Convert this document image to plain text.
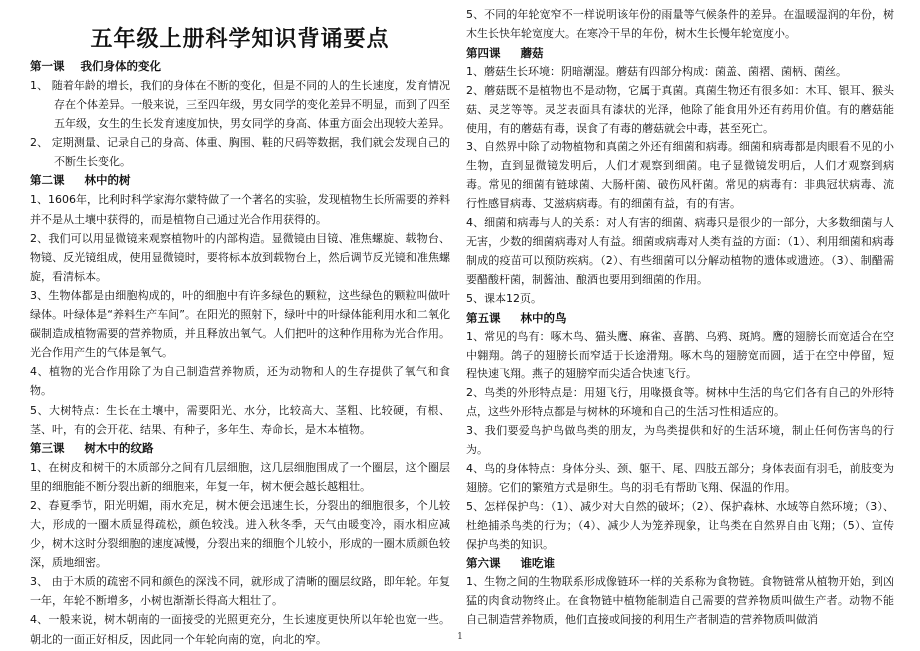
五年级上册科学知识背诵要点
第一课    我们身体的变化

1、 随着年龄的增长，我们的身体在不断的变化，但是不同的人的生长速度，发育情况存在个体差异。一般来说，三至四年级，男女同学的变化差异不明显，而到了四至五年级，女生的生长发育速度加快，男女同学的身高、体重方面会出现较大差异。

2、 定期测量、记录自己的身高、体重、胸围、鞋的尺码等数据，我们就会发现自己的不断生长变化。

第二课     林中的树

1、1606年，比利时科学家海尔蒙特做了一个著名的实验，发现植物生长所需要的养料并不是从土壤中获得的，而是植物自己通过光合作用获得的。

2、我们可以用显微镜来观察植物叶的内部构造。显微镜由目镜、准焦螺旋、载物台、物镜、反光镜组成，使用显微镜时，要将标本放到载物台上，然后调节反光镜和准焦螺旋，看清标本。

3、生物体都是由细胞构成的，叶的细胞中有许多绿色的颗粒，这些绿色的颗粒叫做叶绿体。叶绿体是“养料生产车间”。在阳光的照射下，绿叶中的叶绿体能利用水和二氧化碳制造成植物需要的营养物质，并且释放出氧气。人们把叶的这种作用称为光合作用。光合作用产生的气体是氧气。

4、植物的光合作用除了为自己制造营养物质，还为动物和人的生存提供了氧气和食物。

5、大树特点：生长在土壤中，需要阳光、水分，比较高大、茎粗、比较硬，有根、茎、叶，有的会开花、结果、有种子，多年生、寿命长，是木本植物。

第三课     树木中的纹路

1、在树皮和树干的木质部分之间有几层细胞，这几层细胞围成了一个圈层，这个圈层里的细胞能不断分裂出新的细胞来，年复一年，树木便会越长越粗壮。

2、春夏季节，阳光明媚，雨水充足，树木便会迅速生长，分裂出的细胞很多，个儿较大，形成的一圈木质显得疏松，颜色较浅。进入秋冬季，天气由暖变冷，雨水相应减少，树木这时分裂细胞的速度减慢，分裂出来的细胞个儿较小，形成的一圈木质颜色较深，质地细密。

3、 由于木质的疏密不同和颜色的深浅不同，就形成了清晰的圈层纹路，即年轮。年复一年，年轮不断增多，小树也渐渐长得高大粗壮了。

4、一般来说，树木朝南的一面接受的光照更充分，生长速度更快所以年轮也宽一些。朝北的一面正好相反，因此同一个年轮向南的宽，向北的窄。

5、不同的年轮宽窄不一样说明该年份的雨量等气候条件的差异。在温暖湿润的年份，树木生长快年轮宽度大。在寒冷干旱的年份，树木生长慢年轮宽度小。

第四课     蘑菇

1、蘑菇生长环境：阴暗潮湿。蘑菇有四部分构成：菌盖、菌褶、菌柄、菌丝。

2、蘑菇既不是植物也不是动物，它属于真菌。真菌生物还有很多如：木耳、银耳、猴头菇、灵芝等等。灵芝表面具有漆状的光泽，他除了能食用外还有药用价值。有的蘑菇能使用，有的蘑菇有毒，误食了有毒的蘑菇就会中毒，甚至死亡。

3、自然界中除了动物植物和真菌之外还有细菌和病毒。细菌和病毒都是肉眼看不见的小生物，直到显微镜发明后，人们才观察到细菌。电子显微镜发明后，人们才观察到病毒。常见的细菌有链球菌、大肠杆菌、破伤风杆菌。常见的病毒有：非典冠状病毒、流行性感冒病毒、艾滋病病毒。有的细菌有益，有的有害。

4、细菌和病毒与人的关系：对人有害的细菌、病毒只是很少的一部分，大多数细菌与人无害，少数的细菌病毒对人有益。细菌或病毒对人类有益的方面：（1）、利用细菌和病毒制成的疫苗可以预防疾病。（2）、有些细菌可以分解动植物的遗体或遗迹。（3）、制醋需要醋酸杆菌，制酱油、酿酒也要用到细菌的作用。

5、课本12页。

第五课     林中的鸟

1、常见的鸟有：啄木鸟、猫头鹰、麻雀、喜鹊、乌鸦、斑鸠。鹰的翅膀长而宽适合在空中翱翔。鸽子的翅膀长而窄适于长途滑翔。啄木鸟的翅膀宽而圆，适于在空中停留，短程快速飞翔。燕子的翅膀窄而尖适合快速飞行。

2、鸟类的外形特点是：用翅飞行，用喙摄食等。树林中生活的鸟它们各有自己的外形特点，这些外形特点都是与树林的环境和自己的生活习性相适应的。

3、我们要爱鸟护鸟做鸟类的朋友，为鸟类提供和好的生活环境，制止任何伤害鸟的行为。

4、鸟的身体特点：身体分头、颈、躯干、尾、四肢五部分；身体表面有羽毛，前肢变为翅膀。它们的繁殖方式是卵生。鸟的羽毛有帮助飞翔、保温的作用。

5、怎样保护鸟：（1）、减少对大自然的破坏；（2）、保护森林、水域等自然环境；（3）、杜绝捕杀鸟类的行为；（4）、减少人为笼养现象，让鸟类在自然界自由飞翔；（5）、宣传保护鸟类的知识。

第六课     谁吃谁

1、生物之间的生物联系形成像链环一样的关系称为食物链。食物链常从植物开始，到凶猛的肉食动物终止。在食物链中植物能制造自己需要的营养物质叫做生产者。动物不能自己制造营养物质，他们直接或间接的利用生产者制造的营养物质叫做消

1
